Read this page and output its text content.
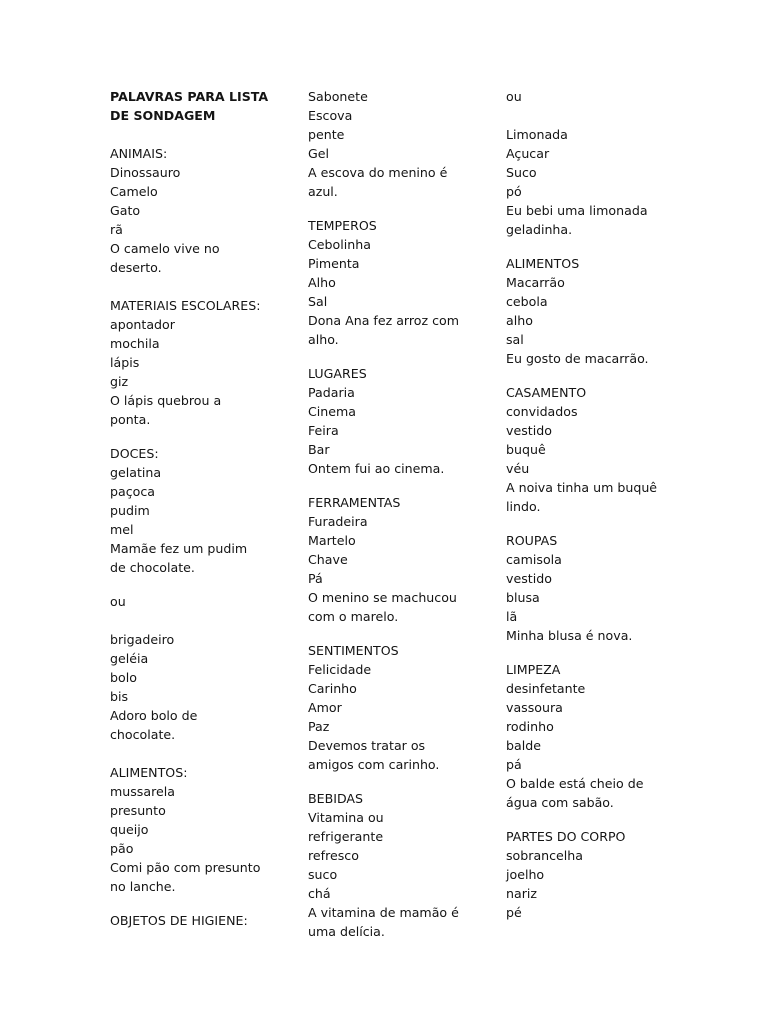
PALAVRAS PARA LISTA
DE SONDAGEM
ANIMAIS:
Dinossauro
Camelo
Gato
rã
O camelo vive no
deserto.
MATERIAIS ESCOLARES:
apontador
mochila
lápis
giz
O lápis quebrou a
ponta.
DOCES:
gelatina
paçoca
pudim
mel
Mamãe fez um pudim
de chocolate.
ou
brigadeiro
geléia
bolo
bis
Adoro bolo de
chocolate.
ALIMENTOS:
mussarela
presunto
queijo
pão
Comi pão com presunto
no lanche.
OBJETOS DE HIGIENE:
Sabonete
Escova
pente
Gel
A escova do menino é
azul.
TEMPEROS
Cebolinha
Pimenta
Alho
Sal
Dona Ana fez arroz com
alho.
LUGARES
Padaria
Cinema
Feira
Bar
Ontem fui ao cinema.
FERRAMENTAS
Furadeira
Martelo
Chave
Pá
O menino se machucou
com o marelo.
SENTIMENTOS
Felicidade
Carinho
Amor
Paz
Devemos tratar os
amigos com carinho.
BEBIDAS
Vitamina ou
refrigerante
refresco
suco
chá
A vitamina de mamão é
uma delícia.
ou
Limonada
Açucar
Suco
pó
Eu bebi uma limonada
geladinha.
ALIMENTOS
Macarrão
cebola
alho
sal
Eu gosto de macarrão.
CASAMENTO
convidados
vestido
buquê
véu
A noiva tinha um buquê
lindo.
ROUPAS
camisola
vestido
blusa
lã
Minha blusa é nova.
LIMPEZA
desinfetante
vassoura
rodinho
balde
pá
O balde está cheio de
água com sabão.
PARTES DO CORPO
sobrancelha
joelho
nariz
pé
